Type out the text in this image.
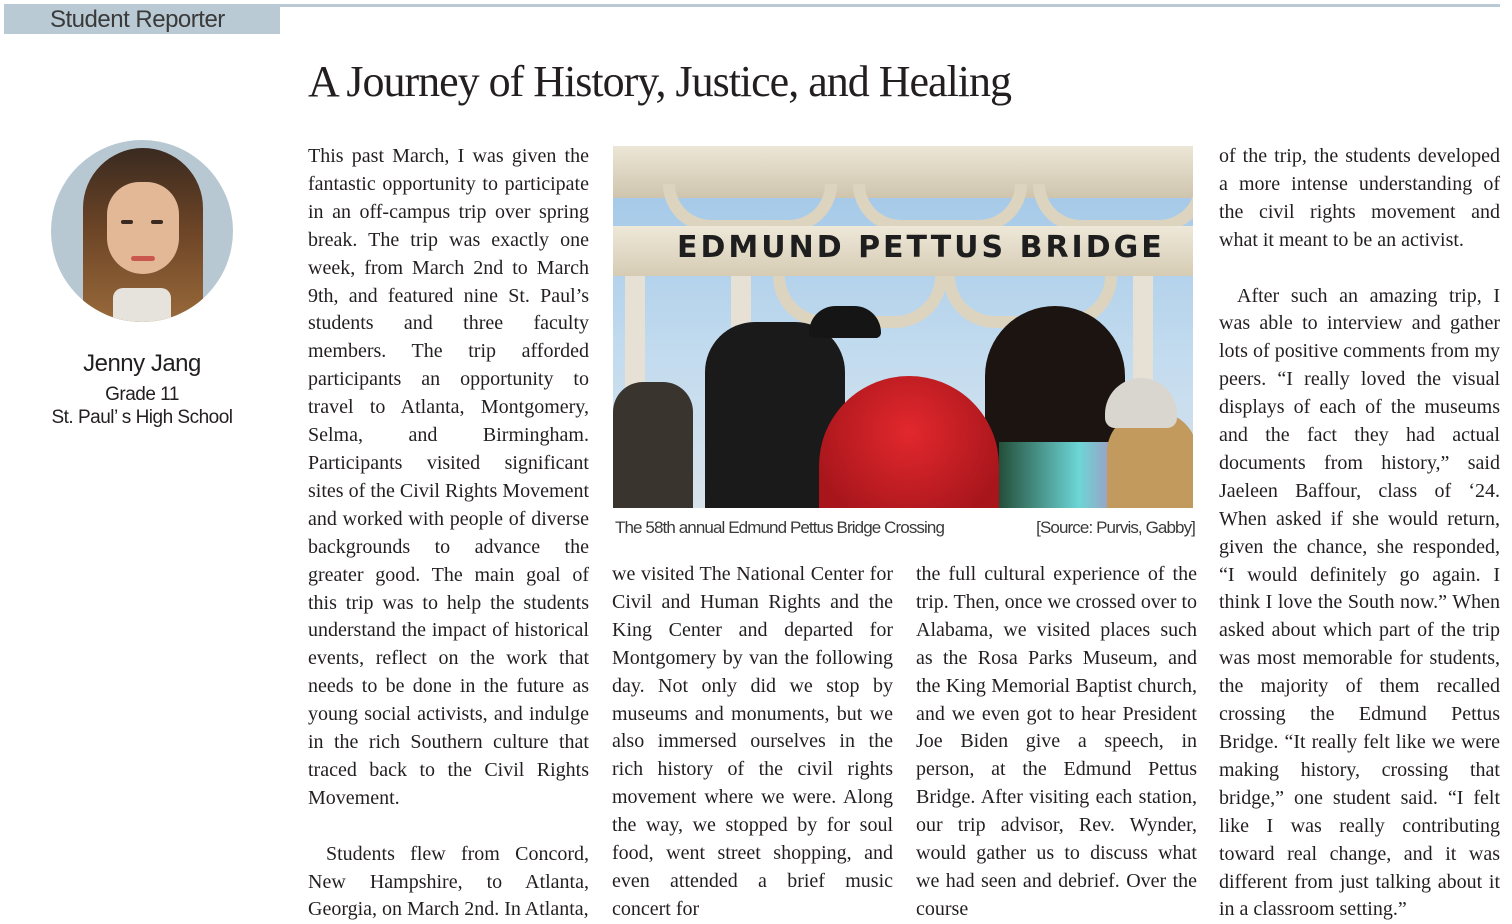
Student Reporter
A Journey of History, Justice, and Healing
Jenny Jang
Grade 11
St. Paul’ s High School

This past March, I was given the fantastic opportunity to participate in an off-campus trip over spring break. The trip was exactly one week, from March 2nd to March 9th, and featured nine St. Paul’s students and three faculty members. The trip afforded participants an opportunity to travel to Atlanta, Montgomery, Selma, and Birmingham. Participants visited significant sites of the Civil Rights Movement and worked with people of diverse backgrounds to advance the greater good. The main goal of this trip was to help the students understand the impact of historical events, reflect on the work that needs to be done in the future as young social activists, and indulge in the rich Southern culture that traced back to the Civil Rights Movement.

Students flew from Concord, New Hampshire, to Atlanta, Georgia, on March 2nd. In Atlanta,

EDMUND PETTUS BRIDGE
The 58th annual Edmund Pettus Bridge Crossing	[Source: Purvis, Gabby]

we visited The National Center for Civil and Human Rights and the King Center and departed for Montgomery by van the following day. Not only did we stop by museums and monuments, but we also immersed ourselves in the rich history of the civil rights movement where we were. Along the way, we stopped by for soul food, went street shopping, and even attended a brief music concert for

the full cultural experience of the trip. Then, once we crossed over to Alabama, we visited places such as the Rosa Parks Museum, and the King Memorial Baptist church, and we even got to hear President Joe Biden give a speech, in person, at the Edmund Pettus Bridge. After visiting each station, our trip advisor, Rev. Wynder, would gather us to discuss what we had seen and debrief. Over the course

of the trip, the students developed a more intense understanding of the civil rights movement and what it meant to be an activist.

After such an amazing trip, I was able to interview and gather lots of positive comments from my peers. “I really loved the visual displays of each of the museums and the fact they had actual documents from history,” said Jaeleen Baffour, class of ‘24. When asked if she would return, given the chance, she responded, “I would definitely go again. I think I love the South now.” When asked about which part of the trip was most memorable for students, the majority of them recalled crossing the Edmund Pettus Bridge. “It really felt like we were making history, crossing that bridge,” one student said. “I felt like I was really contributing toward real change, and it was different from just talking about it in a classroom setting.”
